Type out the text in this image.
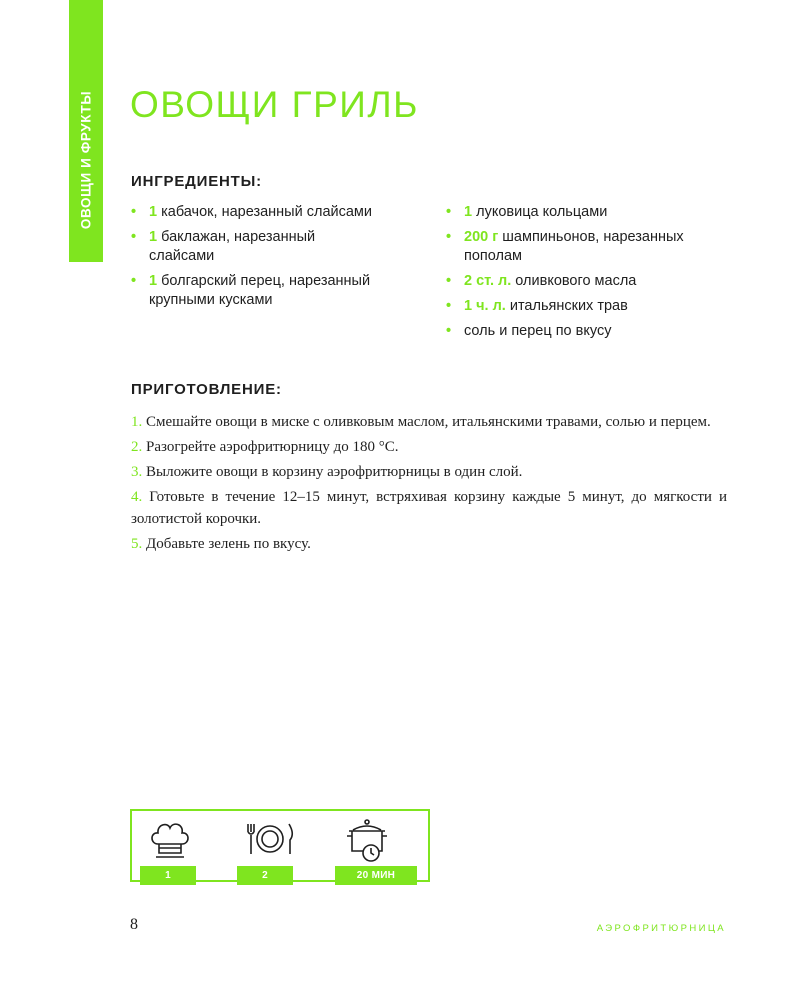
ОВОЩИ И ФРУКТЫ ОВОЩИ ГРИЛЬ
ИНГРЕДИЕНТЫ:
• 1 кабачок, нарезанный слайсами
• 1 баклажан, нарезанный слайсами
• 1 болгарский перец, нарезанный крупными кусками
• 1 луковица кольцами
• 200 г шампиньонов, нарезанных пополам
• 2 ст. л. оливкового масла
• 1 ч. л. итальянских трав
• соль и перец по вкусу
ПРИГОТОВЛЕНИЕ:
1. Смешайте овощи в миске с оливковым маслом, итальянскими травами, солью и перцем.
2. Разогрейте аэрофритюрницу до 180 °C.
3. Выложите овощи в корзину аэрофритюрницы в один слой.
4. Готовьте в течение 12–15 минут, встряхивая корзину каждые 5 минут, до мягкости и золотистой корочки.
5. Добавьте зелень по вкусу.
1	2	20 МИН
8	АЭРОФРИТЮРНИЦА
